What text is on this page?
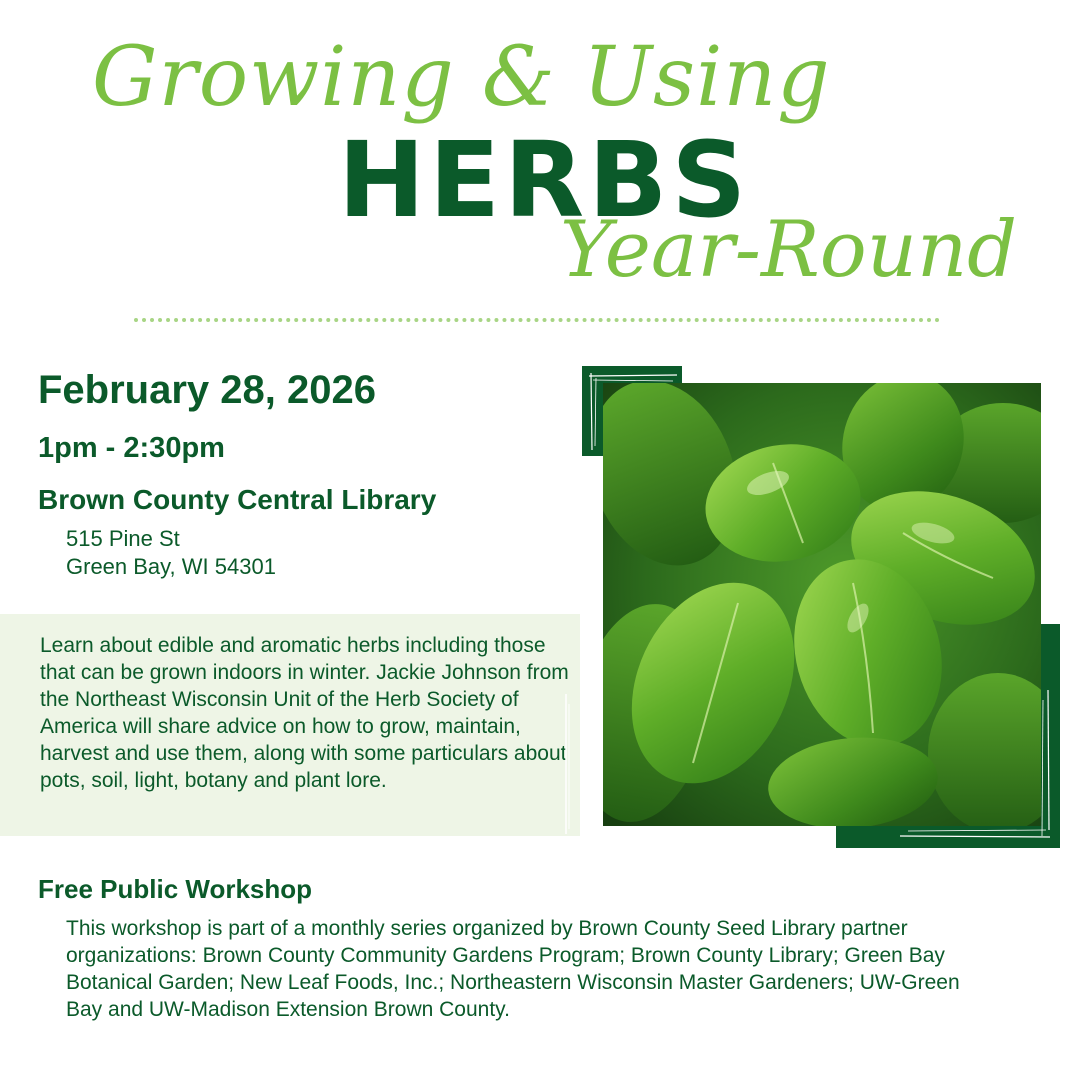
Growing & Using
HERBS
Year-Round
February 28, 2026
1pm - 2:30pm
Brown County Central Library
515 Pine St
Green Bay, WI 54301
Learn about edible and aromatic herbs including those that can be grown indoors in winter. Jackie Johnson from the Northeast Wisconsin Unit of the Herb Society of America will share advice on how to grow, maintain, harvest and use them, along with some particulars about pots, soil, light, botany and plant lore.
Free Public Workshop
This workshop is part of a monthly series organized by Brown County Seed Library partner organizations: Brown County Community Gardens Program; Brown County Library; Green Bay Botanical Garden; New Leaf Foods, Inc.; Northeastern Wisconsin Master Gardeners; UW-Green Bay and UW-Madison Extension Brown County.
